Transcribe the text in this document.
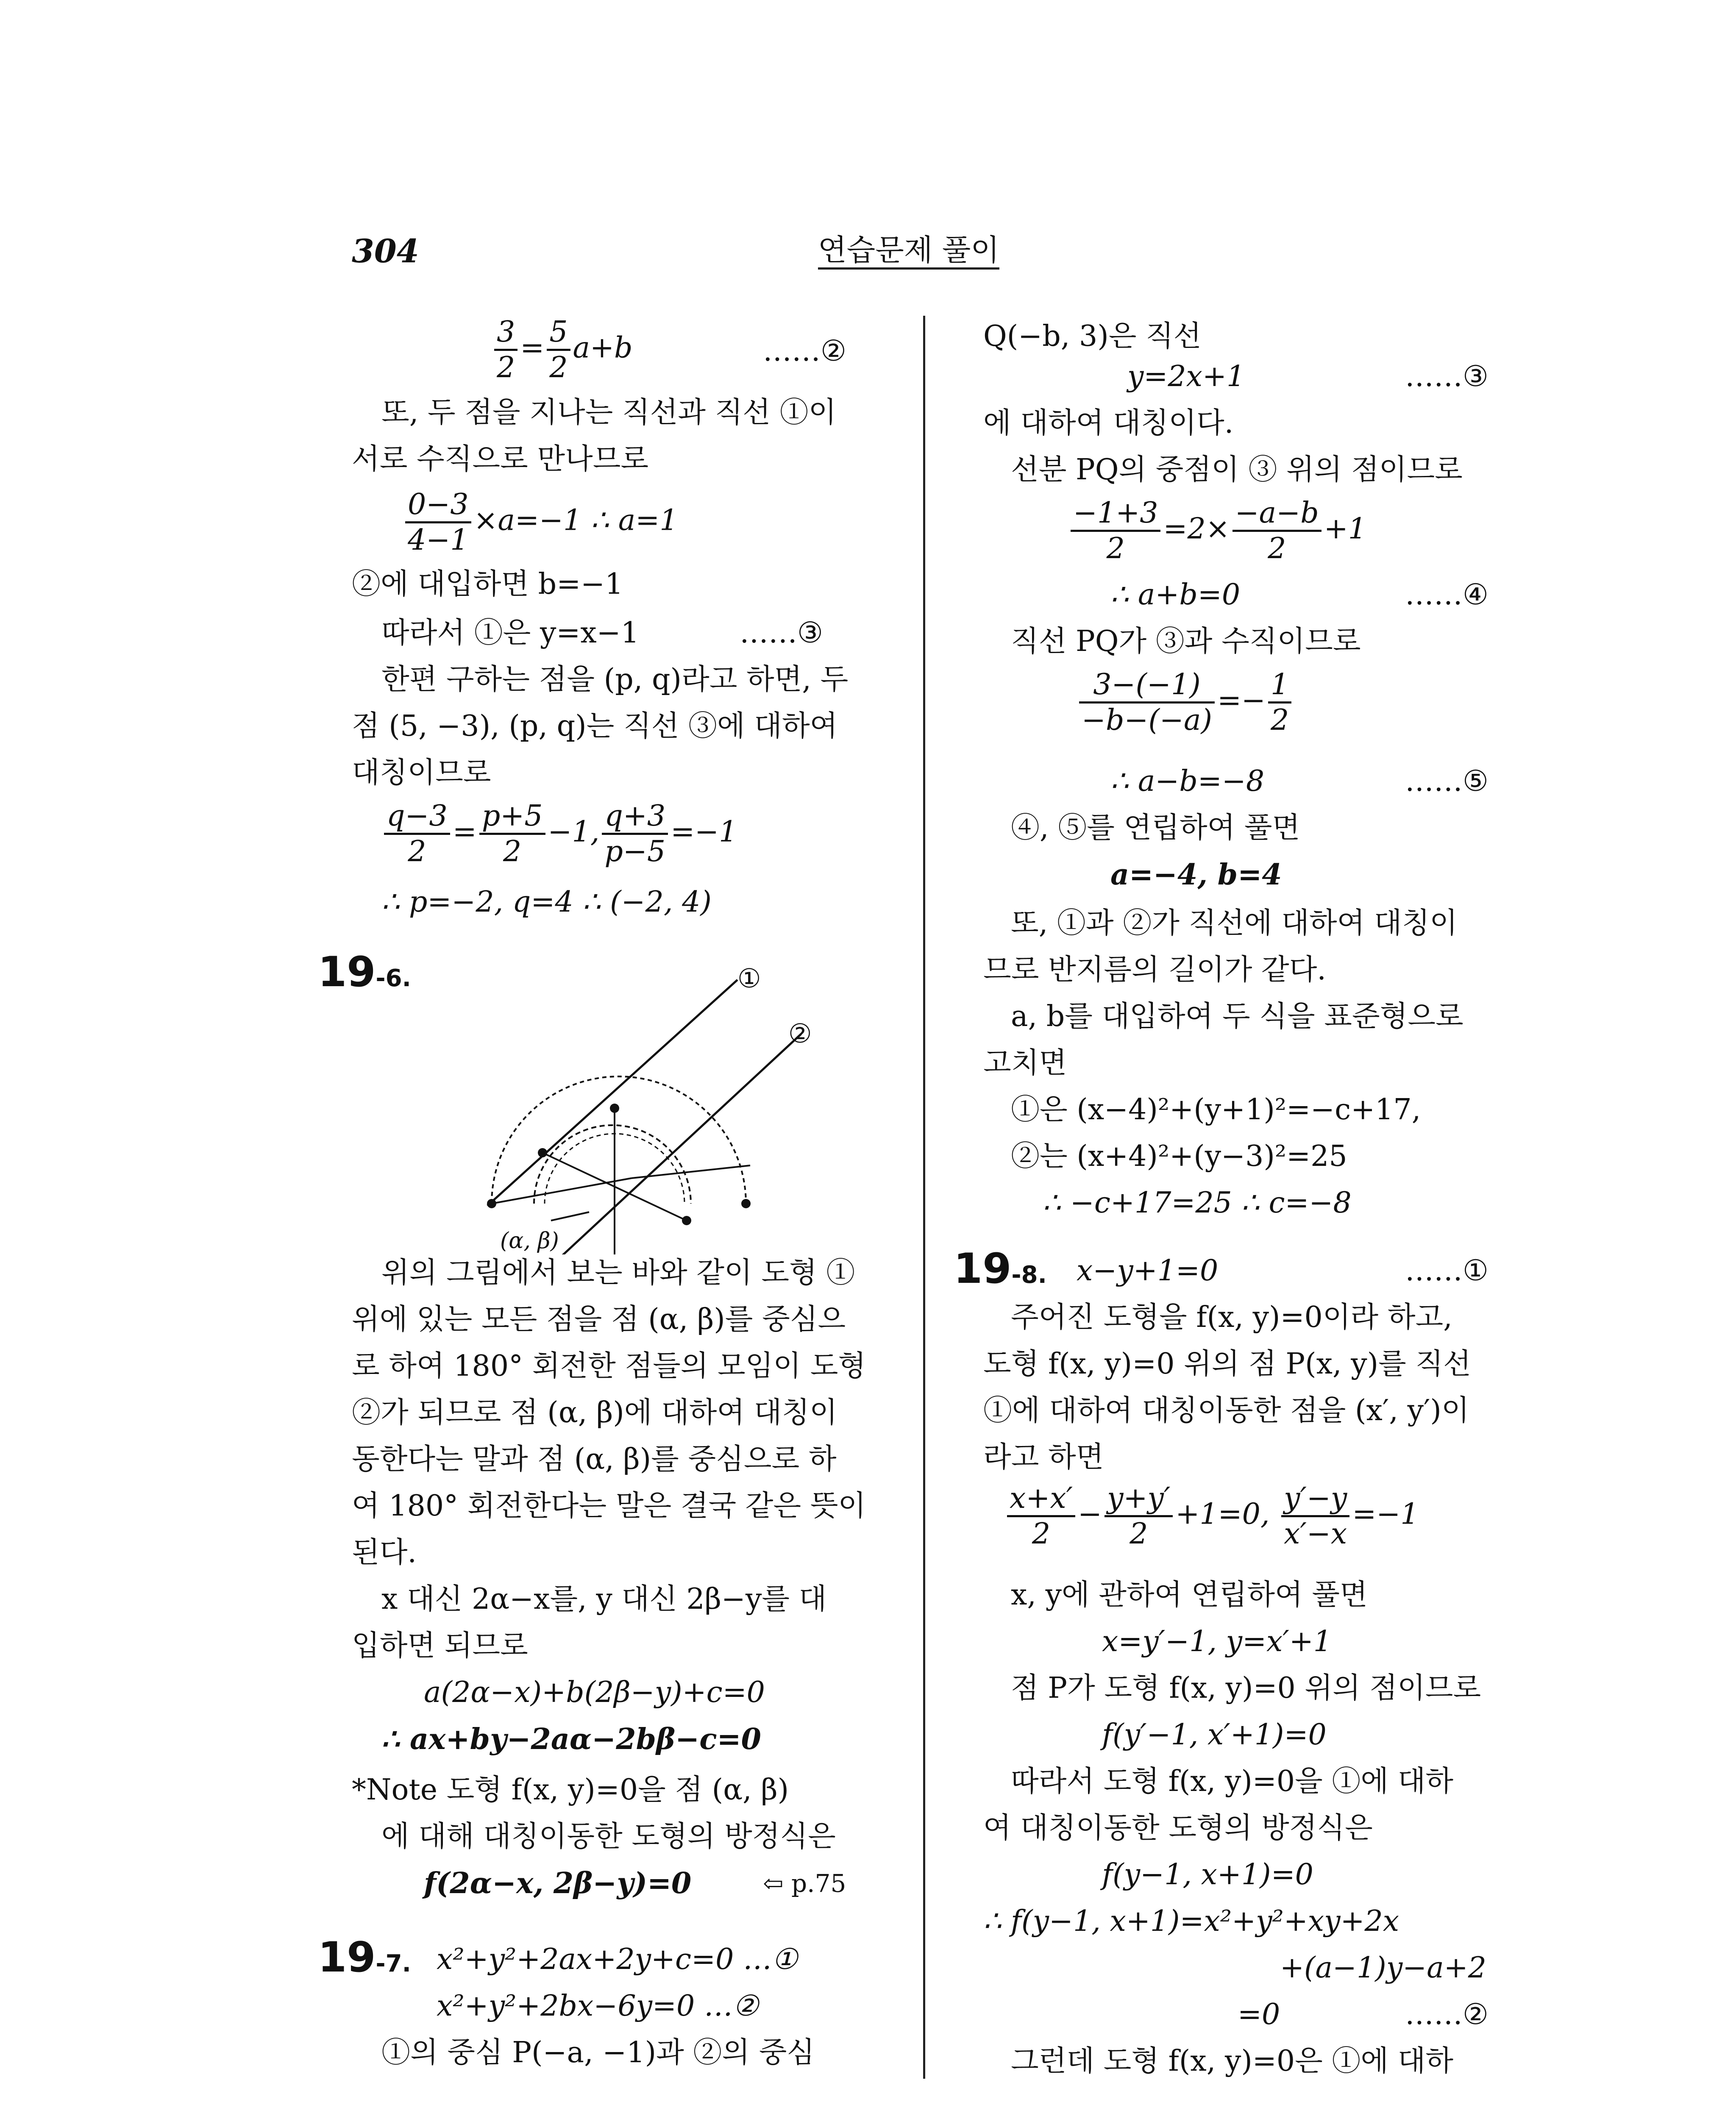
304	연습문제 풀이
$\frac{3}{2} = \frac{5}{2} a+b$	……②
또, 두 점을 지나는 직선과 직선 ①이
서로 수직으로 만나므로
$\frac{0-3}{4-1} \times a=-1$ ∴ a=1
②에 대입하면 b=−1
따라서 ①은 y=x−1	……③
한편 구하는 점을 (p, q)라고 하면, 두
점 (5, −3), (p, q)는 직선 ③에 대하여
대칭이므로
$\frac{q-3}{2} = \frac{p+5}{2} -1$, $\frac{q+3}{p-5} =-1$
∴ p=−2, q=4 ∴ (−2, 4)
19-6.
(α, β)
①
②
위의 그림에서 보는 바와 같이 도형 ①
위에 있는 모든 점을 점 (α, β)를 중심으
로 하여 180° 회전한 점들의 모임이 도형
②가 되므로 점 (α, β)에 대하여 대칭이
동한다는 말과 점 (α, β)를 중심으로 하
여 180° 회전한다는 말은 결국 같은 뜻이
된다.
x 대신 2α−x를, y 대신 2β−y를 대
입하면 되므로
a(2α−x)+b(2β−y)+c=0
∴ ax+by−2aα−2bβ−c=0
*Note 도형 f(x, y)=0을 점 (α, β)
에 대해 대칭이동한 도형의 방정식은
f(2α−x, 2β−y)=0	⇦ p.75
19-7. x²+y²+2ax+2y+c=0 …①
x²+y²+2bx−6y=0 …②
①의 중심 P(−a, −1)과 ②의 중심
Q(−b, 3)은 직선
y=2x+1	……③
에 대하여 대칭이다.
선분 PQ의 중점이 ③ 위의 점이므로
$\frac{-1+3}{2} =2\times \frac{-a-b}{2} +1$
∴ a+b=0	……④
직선 PQ가 ③과 수직이므로
$\frac{3-(-1)}{-b-(-a)} =- \frac{1}{2}$
∴ a−b=−8	……⑤
④, ⑤를 연립하여 풀면
a=−4, b=4
또, ①과 ②가 직선에 대하여 대칭이
므로 반지름의 길이가 같다.
a, b를 대입하여 두 식을 표준형으로
고치면
①은 (x−4)²+(y+1)²=−c+17,
②는 (x+4)²+(y−3)²=25
∴ −c+17=25 ∴ c=−8
19-8. x−y+1=0	……①
주어진 도형을 f(x, y)=0이라 하고,
도형 f(x, y)=0 위의 점 P(x, y)를 직선
①에 대하여 대칭이동한 점을 (x′, y′)이
라고 하면
$\frac{x+x'}{2} - \frac{y+y'}{2} +1=0$, $\frac{y'-y}{x'-x} =-1$
x, y에 관하여 연립하여 풀면
x=y′−1, y=x′+1
점 P가 도형 f(x, y)=0 위의 점이므로
f(y′−1, x′+1)=0
따라서 도형 f(x, y)=0을 ①에 대하
여 대칭이동한 도형의 방정식은
f(y−1, x+1)=0
∴ f(y−1, x+1)=x²+y²+xy+2x
+(a−1)y−a+2
=0	……②
그런데 도형 f(x, y)=0은 ①에 대하
